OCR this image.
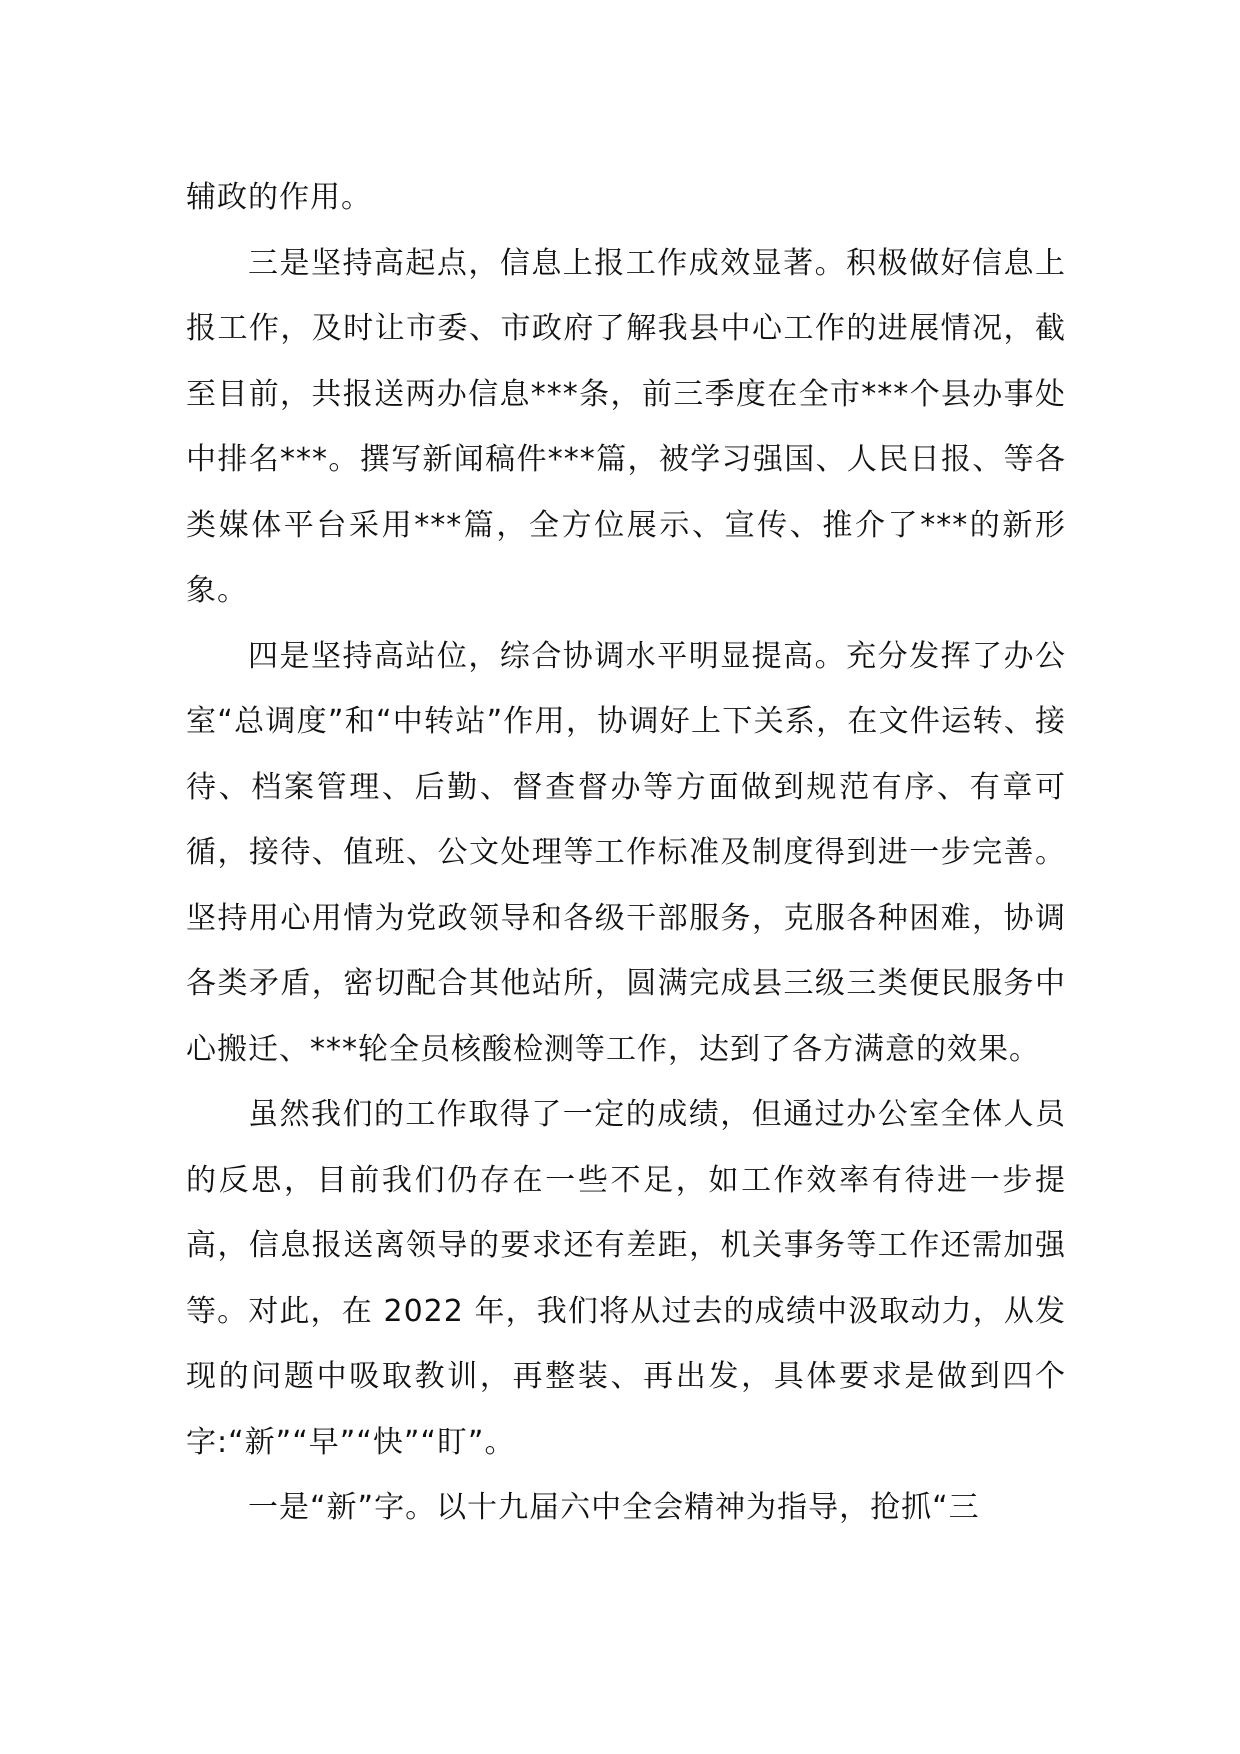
辅政的作用。

三是坚持高起点，信息上报工作成效显著。积极做好信息上报工作，及时让市委、市政府了解我县中心工作的进展情况，截至目前，共报送两办信息***条，前三季度在全市***个县办事处中排名***。撰写新闻稿件***篇，被学习强国、人民日报、等各类媒体平台采用***篇，全方位展示、宣传、推介了***的新形象。

四是坚持高站位，综合协调水平明显提高。充分发挥了办公室“总调度”和“中转站”作用，协调好上下关系，在文件运转、接待、档案管理、后勤、督查督办等方面做到规范有序、有章可循，接待、值班、公文处理等工作标准及制度得到进一步完善。坚持用心用情为党政领导和各级干部服务，克服各种困难，协调各类矛盾，密切配合其他站所，圆满完成县三级三类便民服务中心搬迁、***轮全员核酸检测等工作，达到了各方满意的效果。

虽然我们的工作取得了一定的成绩，但通过办公室全体人员的反思，目前我们仍存在一些不足，如工作效率有待进一步提高，信息报送离领导的要求还有差距，机关事务等工作还需加强等。对此，在 2022 年，我们将从过去的成绩中汲取动力，从发现的问题中吸取教训，再整装、再出发，具体要求是做到四个字:“新”“早”“快”“盯”。

一是“新”字。以十九届六中全会精神为指导，抢抓“三
